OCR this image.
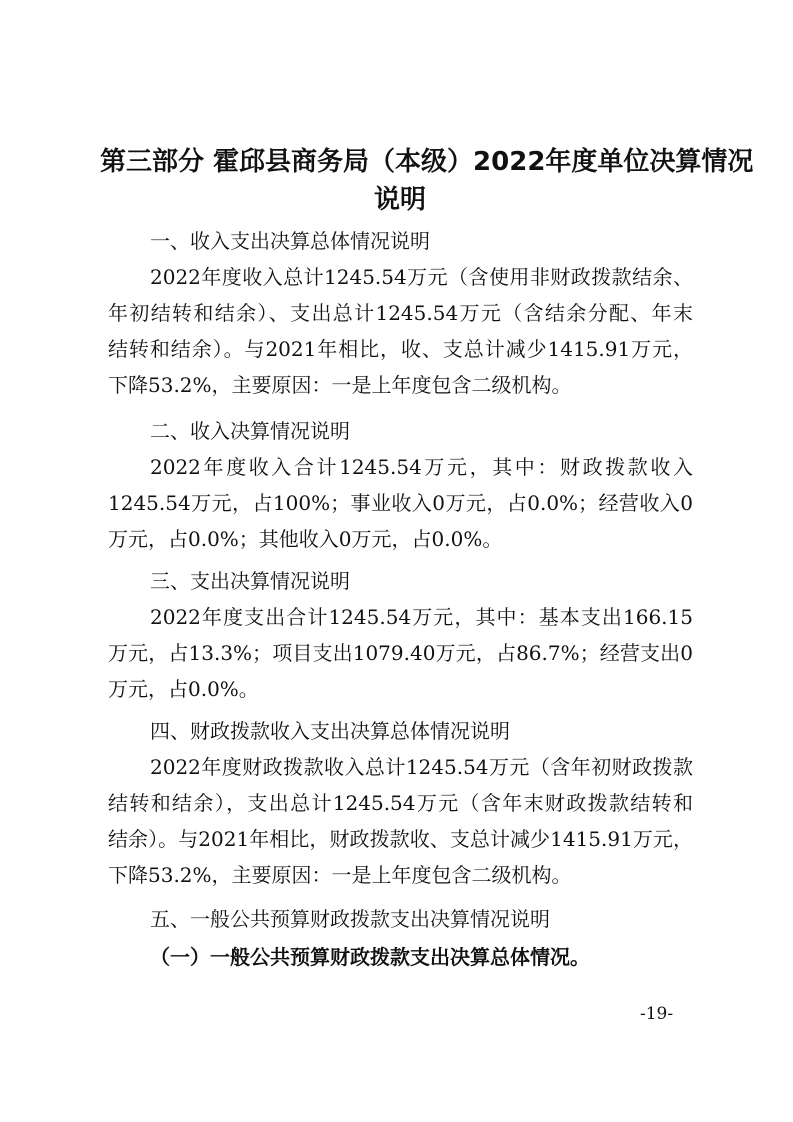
第三部分 霍邱县商务局（本级）2022年度单位决算情况
说明
一、收入支出决算总体情况说明
2022年度收入总计1245.54万元（含使用非财政拨款结余、
年初结转和结余）、支出总计1245.54万元（含结余分配、年末
结转和结余）。与2021年相比，收、支总计减少1415.91万元，
下降53.2%，主要原因：一是上年度包含二级机构。
二、收入决算情况说明
2022年度收入合计1245.54万元，其中：财政拨款收入
1245.54万元，占100%；事业收入0万元，占0.0%；经营收入0
万元，占0.0%；其他收入0万元，占0.0%。
三、支出决算情况说明
2022年度支出合计1245.54万元，其中：基本支出166.15
万元，占13.3%；项目支出1079.40万元，占86.7%；经营支出0
万元，占0.0%。
四、财政拨款收入支出决算总体情况说明
2022年度财政拨款收入总计1245.54万元（含年初财政拨款
结转和结余），支出总计1245.54万元（含年末财政拨款结转和
结余）。与2021年相比，财政拨款收、支总计减少1415.91万元，
下降53.2%，主要原因：一是上年度包含二级机构。
五、一般公共预算财政拨款支出决算情况说明
（一）一般公共预算财政拨款支出决算总体情况。
-19-
